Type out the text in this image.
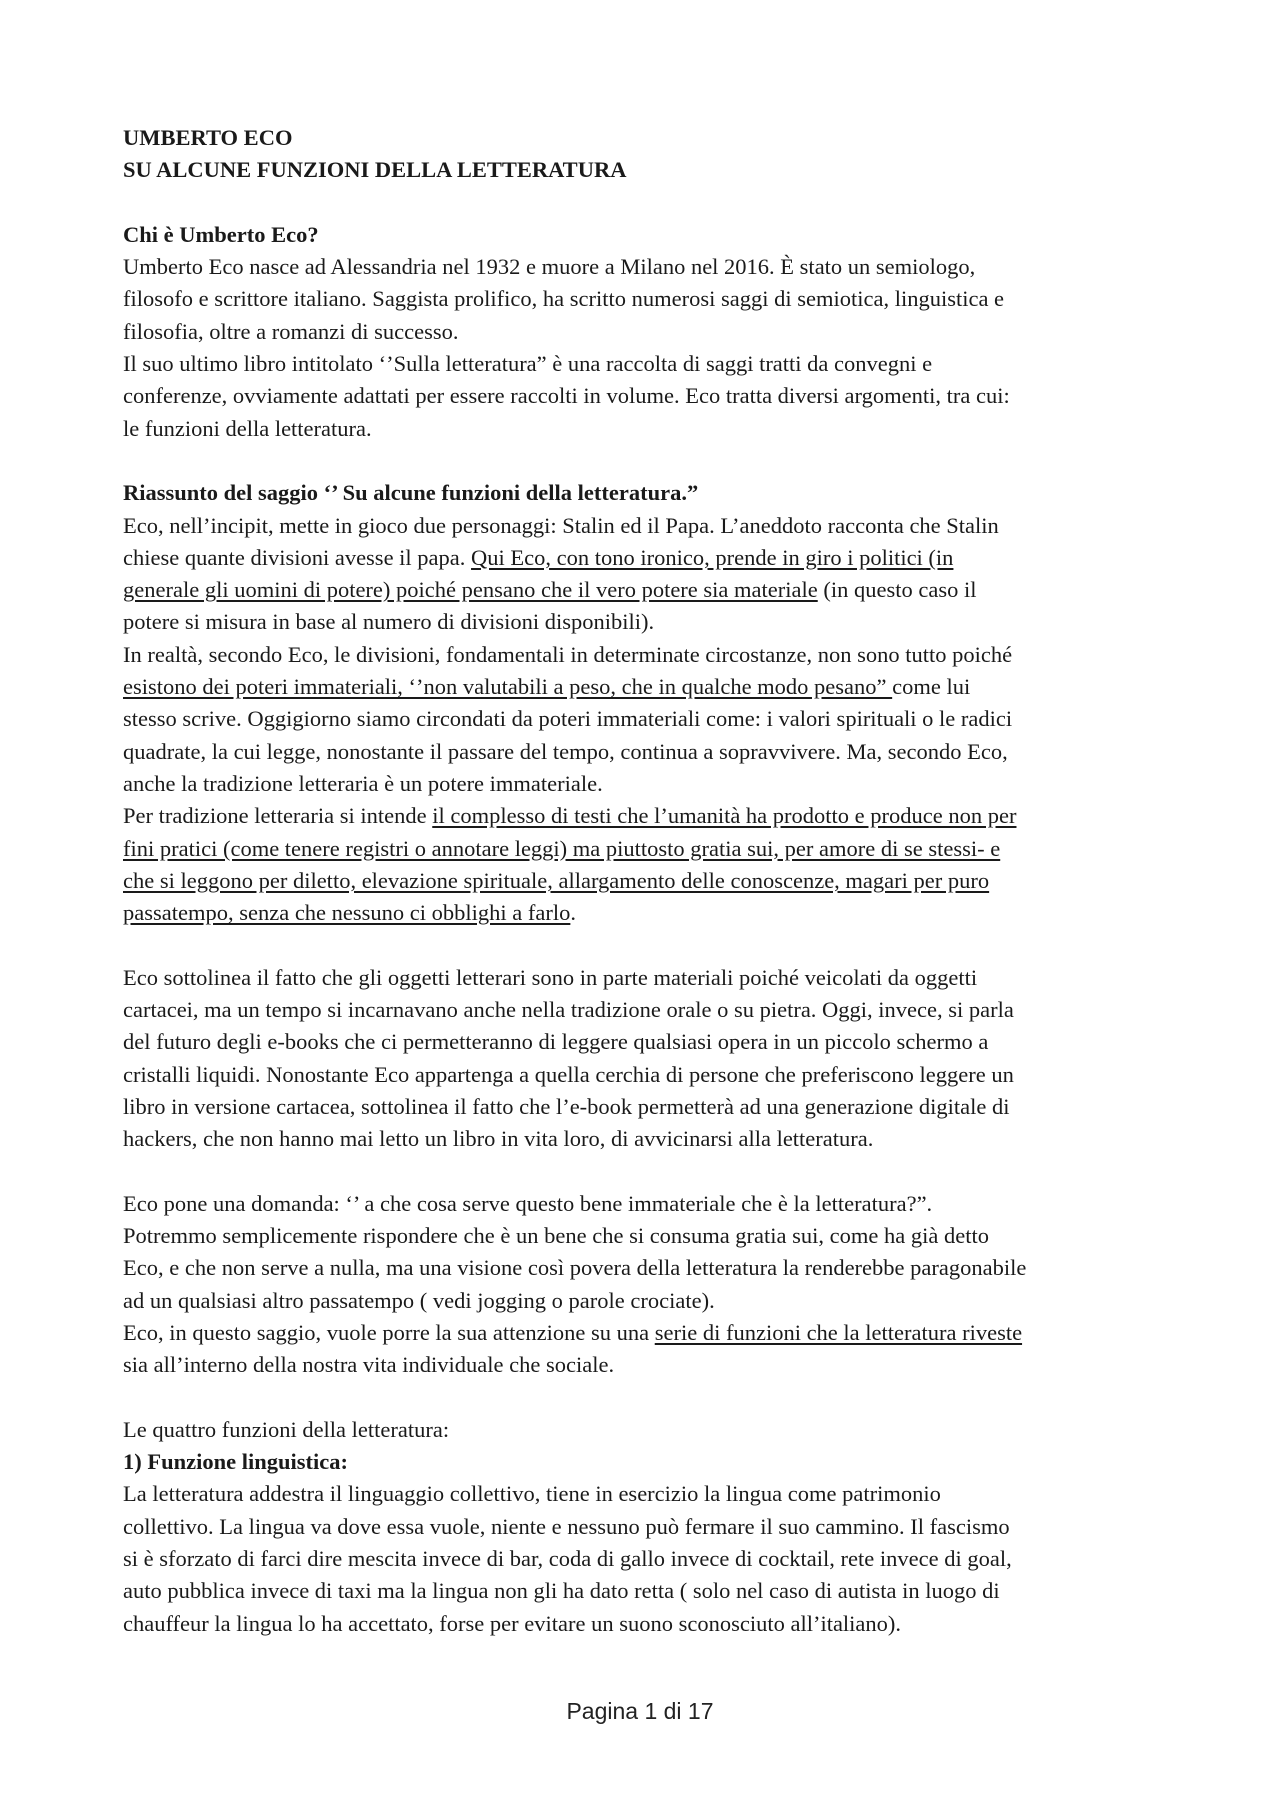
UMBERTO ECO
SU ALCUNE FUNZIONI DELLA LETTERATURA
Chi è Umberto Eco?
Umberto Eco nasce ad Alessandria nel 1932 e muore a Milano nel 2016. È stato un semiologo,
filosofo e scrittore italiano. Saggista prolifico, ha scritto numerosi saggi di semiotica, linguistica e
filosofia, oltre a romanzi di successo.
Il suo ultimo libro intitolato ‘’Sulla letteratura” è una raccolta di saggi tratti da convegni e
conferenze, ovviamente adattati per essere raccolti in volume. Eco tratta diversi argomenti, tra cui:
le funzioni della letteratura.
Riassunto del saggio ‘’ Su alcune funzioni della letteratura.”
Eco, nell’incipit, mette in gioco due personaggi: Stalin ed il Papa. L’aneddoto racconta che Stalin
chiese quante divisioni avesse il papa. Qui Eco, con tono ironico, prende in giro i politici (in
generale gli uomini di potere) poiché pensano che il vero potere sia materiale (in questo caso il
potere si misura in base al numero di divisioni disponibili).
In realtà, secondo Eco, le divisioni, fondamentali in determinate circostanze, non sono tutto poiché
esistono dei poteri immateriali, ‘’non valutabili a peso, che in qualche modo pesano” come lui
stesso scrive. Oggigiorno siamo circondati da poteri immateriali come: i valori spirituali o le radici
quadrate, la cui legge, nonostante il passare del tempo, continua a sopravvivere. Ma, secondo Eco,
anche la tradizione letteraria è un potere immateriale.
Per tradizione letteraria si intende il complesso di testi che l’umanità ha prodotto e produce non per
fini pratici (come tenere registri o annotare leggi) ma piuttosto gratia sui, per amore di se stessi- e
che si leggono per diletto, elevazione spirituale, allargamento delle conoscenze, magari per puro
passatempo, senza che nessuno ci obblighi a farlo.
Eco sottolinea il fatto che gli oggetti letterari sono in parte materiali poiché veicolati da oggetti
cartacei, ma un tempo si incarnavano anche nella tradizione orale o su pietra. Oggi, invece, si parla
del futuro degli e-books che ci permetteranno di leggere qualsiasi opera in un piccolo schermo a
cristalli liquidi. Nonostante Eco appartenga a quella cerchia di persone che preferiscono leggere un
libro in versione cartacea, sottolinea il fatto che l’e-book permetterà ad una generazione digitale di
hackers, che non hanno mai letto un libro in vita loro, di avvicinarsi alla letteratura.
Eco pone una domanda: ‘’ a che cosa serve questo bene immateriale che è la letteratura?”.
Potremmo semplicemente rispondere che è un bene che si consuma gratia sui, come ha già detto
Eco, e che non serve a nulla, ma una visione così povera della letteratura la renderebbe paragonabile
ad un qualsiasi altro passatempo ( vedi jogging o parole crociate).
Eco, in questo saggio, vuole porre la sua attenzione su una serie di funzioni che la letteratura riveste
sia all’interno della nostra vita individuale che sociale.
Le quattro funzioni della letteratura:
1) Funzione linguistica:
La letteratura addestra il linguaggio collettivo, tiene in esercizio la lingua come patrimonio
collettivo. La lingua va dove essa vuole, niente e nessuno può fermare il suo cammino. Il fascismo
si è sforzato di farci dire mescita invece di bar, coda di gallo invece di cocktail, rete invece di goal,
auto pubblica invece di taxi ma la lingua non gli ha dato retta ( solo nel caso di autista in luogo di
chauffeur la lingua lo ha accettato, forse per evitare un suono sconosciuto all’italiano).
Pagina 1 di 17
